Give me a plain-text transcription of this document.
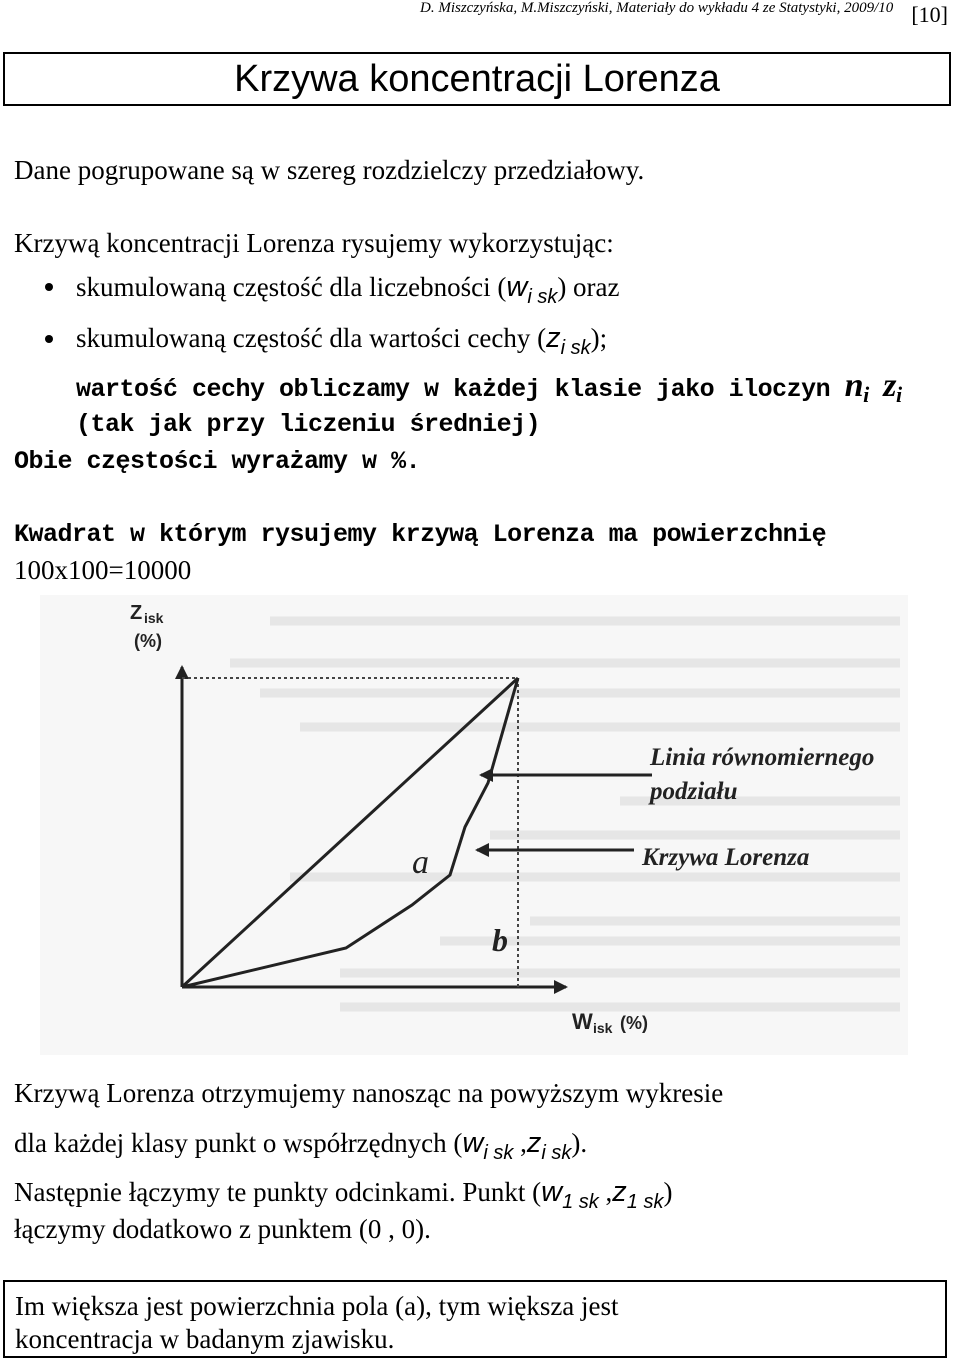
D. Miszczyńska, M.Miszczyński, Materiały do wykładu 4 ze Statystyki, 2009/10 [10]
Krzywa koncentracji Lorenza
Dane pogrupowane są w szereg rozdzielczy przedziałowy.
Krzywą koncentracji Lorenza rysujemy wykorzystując:
skumulowaną częstość dla liczebności $(w_{i sk})$ oraz
skumulowaną częstość dla wartości cechy $(z_{i sk})$;
wartość cechy obliczamy w każdej klasie jako iloczyn $n_i$ $z_i$
(tak jak przy liczeniu średniej)
Obie częstości wyrażamy w %.
Kwadrat w którym rysujemy krzywą Lorenza ma powierzchnię
100x100=10000
Z isk
(%)
W isk (%)
a
b
Linia równomiernego
podziału
Krzywa Lorenza
Krzywą Lorenza otrzymujemy nanosząc na powyższym wykresie
dla każdej klasy punkt o współrzędnych ($w_{i sk}$ $,z_{i sk}$).
Następnie łączymy te punkty odcinkami. Punkt ($w_{1 sk}$ $,z_{1 sk}$)
łączymy dodatkowo z punktem (0 , 0).
Im większa jest powierzchnia pola (a), tym większa jest
koncentracja w badanym zjawisku.
